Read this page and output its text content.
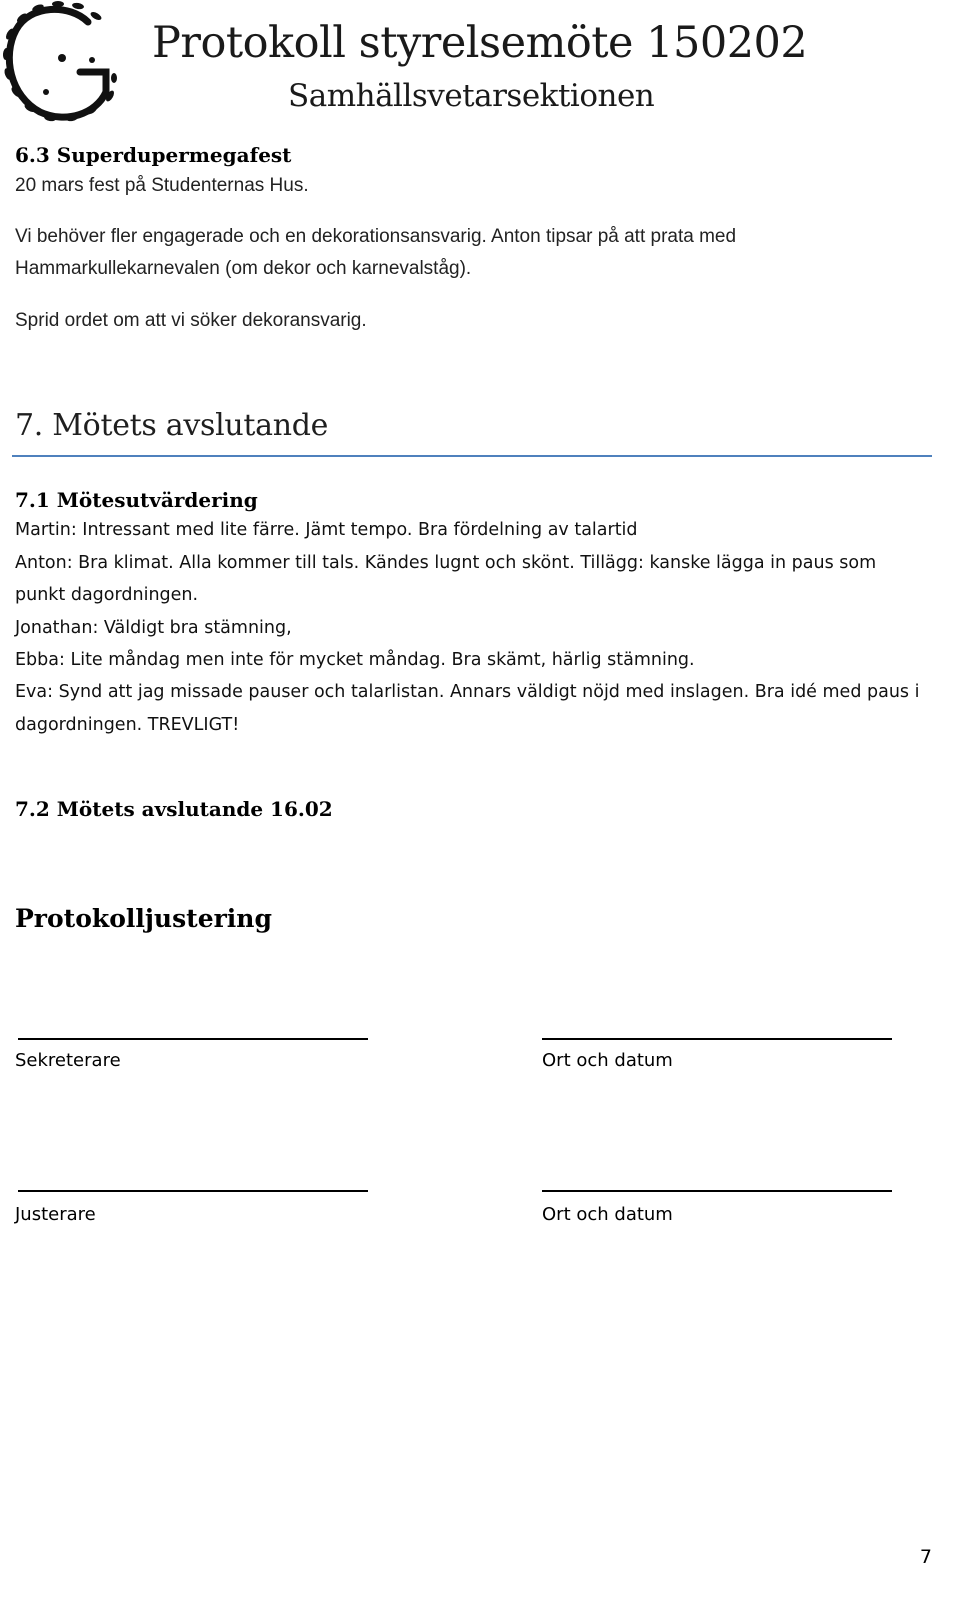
Protokoll styrelsemöte 150202
Samhällsvetarsektionen
6.3 Superdupermegafest
20 mars fest på Studenternas Hus.
Vi behöver fler engagerade och en dekorationsansvarig. Anton tipsar på att prata med
Hammarkullekarnevalen (om dekor och karnevalståg).
Sprid ordet om att vi söker dekoransvarig.
7. Mötets avslutande
7.1 Mötesutvärdering
Martin: Intressant med lite färre. Jämt tempo. Bra fördelning av talartid
Anton: Bra klimat. Alla kommer till tals. Kändes lugnt och skönt. Tillägg: kanske lägga in paus som
punkt dagordningen.
Jonathan: Väldigt bra stämning,
Ebba: Lite måndag men inte för mycket måndag. Bra skämt, härlig stämning.
Eva: Synd att jag missade pauser och talarlistan. Annars väldigt nöjd med inslagen. Bra idé med paus i
dagordningen. TREVLIGT!
7.2 Mötets avslutande 16.02
Protokolljustering
Sekreterare	Ort och datum
Justerare	Ort och datum
7
